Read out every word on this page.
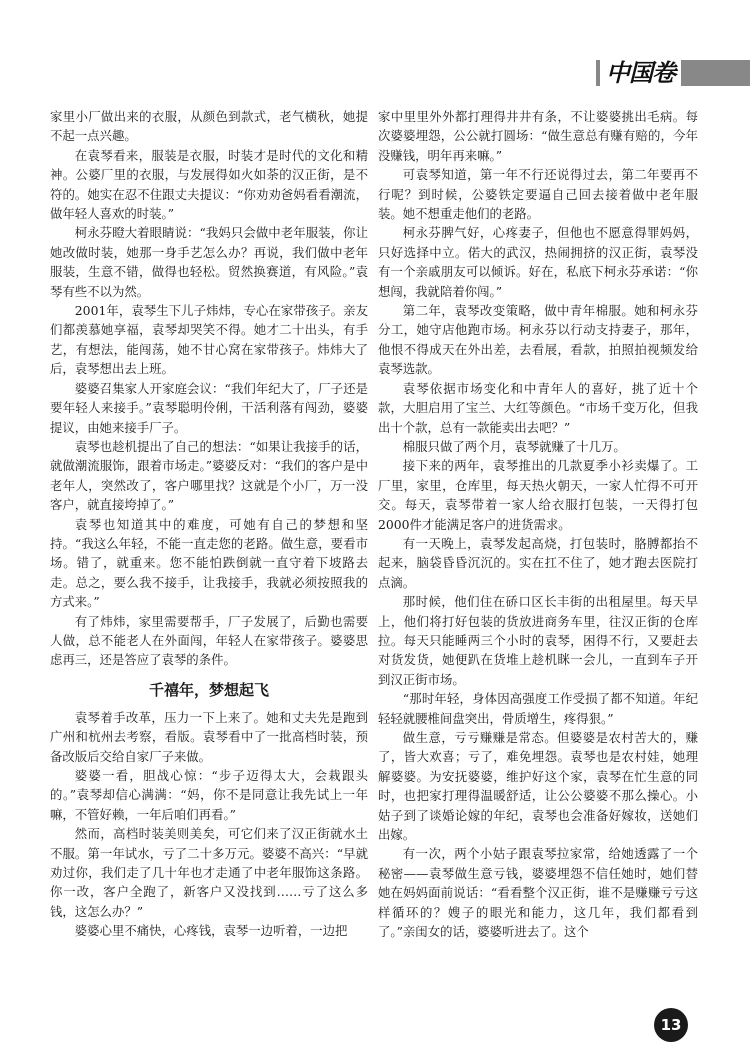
中国卷

家里小厂做出来的衣服，从颜色到款式，老气横秋，她提不起一点兴趣。

在袁琴看来，服装是衣服，时装才是时代的文化和精神。公婆厂里的衣服，与发展得如火如荼的汉正街，是不符的。她实在忍不住跟丈夫提议：“你劝劝爸妈看看潮流，做年轻人喜欢的时装。”

柯永芬瞪大着眼睛说：“我妈只会做中老年服装，你让她改做时装，她那一身手艺怎么办？再说，我们做中老年服装，生意不错，做得也轻松。贸然换赛道，有风险。”袁琴有些不以为然。

2001年，袁琴生下儿子炜炜，专心在家带孩子。亲友们都羡慕她享福，袁琴却哭笑不得。她才二十出头，有手艺，有想法，能闯荡，她不甘心窝在家带孩子。炜炜大了后，袁琴想出去上班。

婆婆召集家人开家庭会议：“我们年纪大了，厂子还是要年轻人来接手。”袁琴聪明伶俐，干活利落有闯劲，婆婆提议，由她来接手厂子。

袁琴也趁机提出了自己的想法：“如果让我接手的话，就做潮流服饰，跟着市场走。”婆婆反对：“我们的客户是中老年人，突然改了，客户哪里找？这就是个小厂，万一没客户，就直接垮掉了。”

袁琴也知道其中的难度，可她有自己的梦想和坚持。“我这么年轻，不能一直走您的老路。做生意，要看市场。错了，就重来。您不能怕跌倒就一直守着下坡路去走。总之，要么我不接手，让我接手，我就必须按照我的方式来。”

有了炜炜，家里需要帮手，厂子发展了，后勤也需要人做，总不能老人在外面闯，年轻人在家带孩子。婆婆思虑再三，还是答应了袁琴的条件。

千禧年，梦想起飞

袁琴着手改革，压力一下上来了。她和丈夫先是跑到广州和杭州去考察，看版。袁琴看中了一批高档时装，预备改版后交给自家厂子来做。

婆婆一看，胆战心惊：“步子迈得太大，会栽跟头的。”袁琴却信心满满：“妈，你不是同意让我先试上一年嘛，不管好赖，一年后咱们再看。”

然而，高档时装美则美矣，可它们来了汉正街就水土不服。第一年试水，亏了二十多万元。婆婆不高兴：“早就劝过你，我们走了几十年也才走通了中老年服饰这条路。你一改，客户全跑了，新客户又没找到……亏了这么多钱，这怎么办？”

婆婆心里不痛快，心疼钱，袁琴一边听着，一边把

家中里里外外都打理得井井有条，不让婆婆挑出毛病。每次婆婆埋怨，公公就打圆场：“做生意总有赚有赔的，今年没赚钱，明年再来嘛。”

可袁琴知道，第一年不行还说得过去，第二年要再不行呢？到时候，公婆铁定要逼自己回去接着做中老年服装。她不想重走他们的老路。

柯永芬脾气好，心疼妻子，但他也不愿意得罪妈妈，只好选择中立。偌大的武汉，热闹拥挤的汉正街，袁琴没有一个亲戚朋友可以倾诉。好在，私底下柯永芬承诺：“你想闯，我就陪着你闯。”

第二年，袁琴改变策略，做中青年棉服。她和柯永芬分工，她守店他跑市场。柯永芬以行动支持妻子，那年，他恨不得成天在外出差，去看展，看款，拍照拍视频发给袁琴选款。

袁琴依据市场变化和中青年人的喜好，挑了近十个款，大胆启用了宝兰、大红等颜色。“市场千变万化，但我出十个款，总有一款能卖出去吧？”

棉服只做了两个月，袁琴就赚了十几万。

接下来的两年，袁琴推出的几款夏季小衫卖爆了。工厂里，家里，仓库里，每天热火朝天，一家人忙得不可开交。每天，袁琴带着一家人给衣服打包装，一天得打包2000件才能满足客户的进货需求。

有一天晚上，袁琴发起高烧，打包装时，胳膊都抬不起来，脑袋昏昏沉沉的。实在扛不住了，她才跑去医院打点滴。

那时候，他们住在硚口区长丰街的出租屋里。每天早上，他们将打好包装的货放进商务车里，往汉正街的仓库拉。每天只能睡两三个小时的袁琴，困得不行，又要赶去对货发货，她便趴在货堆上趁机眯一会儿，一直到车子开到汉正街市场。

“那时年轻，身体因高强度工作受损了都不知道。年纪轻轻就腰椎间盘突出，骨质增生，疼得狠。”

做生意，亏亏赚赚是常态。但婆婆是农村苦大的，赚了，皆大欢喜；亏了，难免埋怨。袁琴也是农村娃，她理解婆婆。为安抚婆婆，维护好这个家，袁琴在忙生意的同时，也把家打理得温暖舒适，让公公婆婆不那么操心。小姑子到了谈婚论嫁的年纪，袁琴也会准备好嫁妆，送她们出嫁。

有一次，两个小姑子跟袁琴拉家常，给她透露了一个秘密——袁琴做生意亏钱，婆婆埋怨不信任她时，她们替她在妈妈面前说话：“看看整个汉正街，谁不是赚赚亏亏这样循环的？嫂子的眼光和能力，这几年，我们都看到了。”亲闺女的话，婆婆听进去了。这个

13
